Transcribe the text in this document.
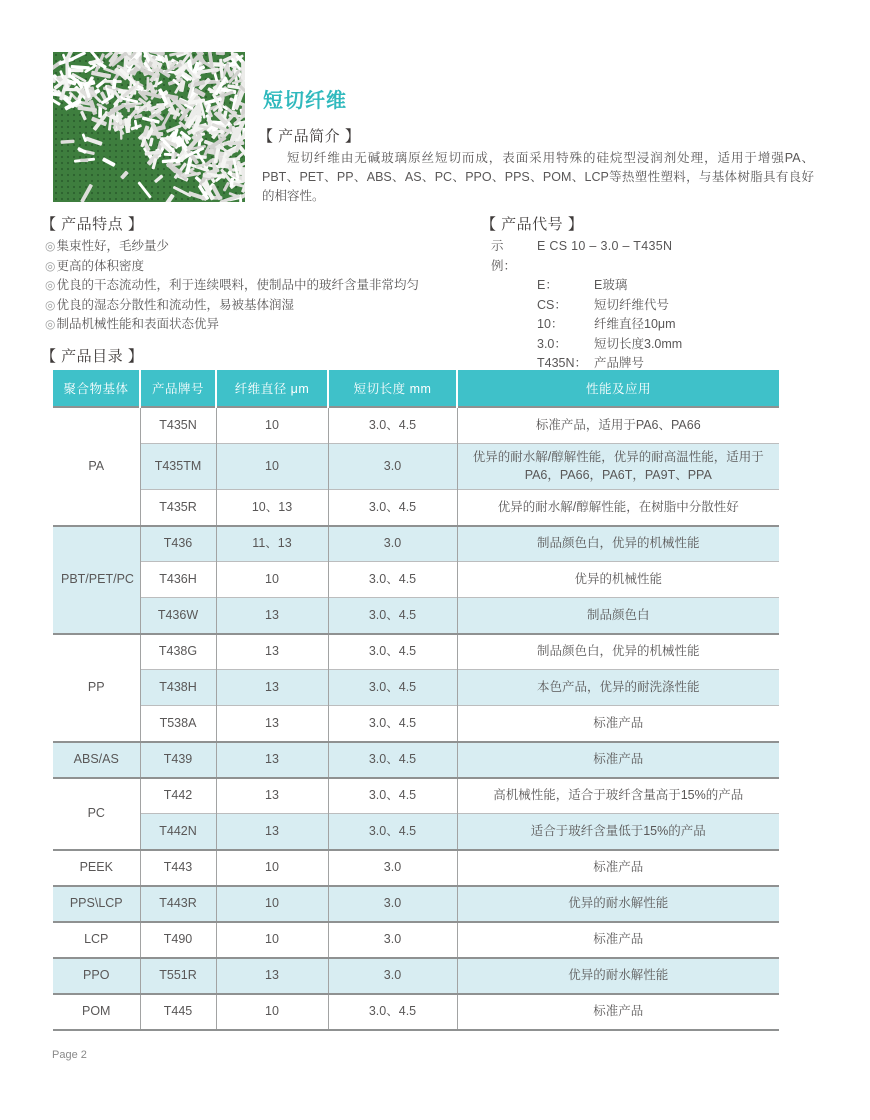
短切纤维
【 产品简介 】
短切纤维由无碱玻璃原丝短切而成，表面采用特殊的硅烷型浸润剂处理，适用于增强PA、PBT、PET、PP、ABS、AS、PC、PPO、PPS、POM、LCP等热塑性塑料，与基体树脂具有良好的相容性。
【 产品特点 】
◎集束性好，毛纱量少
◎更高的体积密度
◎优良的干态流动性，利于连续喂料，使制品中的玻纤含量非常均匀
◎优良的湿态分散性和流动性，易被基体润湿
◎制品机械性能和表面状态优异
【 产品代号 】
示例：
E CS 10 – 3.0 – T435N
E：	E玻璃
CS：	短切纤维代号
10：	纤维直径10μm
3.0：	短切长度3.0mm
T435N： 产品牌号
【 产品目录 】
聚合物基体	产品牌号	纤维直径 μm	短切长度 mm	性能及应用
PA	T435N	10	3.0、4.5	标准产品，适用于PA6、PA66
	T435TM	10	3.0	优异的耐水解/醇解性能，优异的耐高温性能，适用于PA6，PA66，PA6T，PA9T、PPA
	T435R	10、13	3.0、4.5	优异的耐水解/醇解性能，在树脂中分散性好
PBT/PET/PC	T436	11、13	3.0	制品颜色白，优异的机械性能
	T436H	10	3.0、4.5	优异的机械性能
	T436W	13	3.0、4.5	制品颜色白
PP	T438G	13	3.0、4.5	制品颜色白，优异的机械性能
	T438H	13	3.0、4.5	本色产品，优异的耐洗涤性能
	T538A	13	3.0、4.5	标准产品
ABS/AS	T439	13	3.0、4.5	标准产品
PC	T442	13	3.0、4.5	高机械性能，适合于玻纤含量高于15%的产品
	T442N	13	3.0、4.5	适合于玻纤含量低于15%的产品
PEEK	T443	10	3.0	标准产品
PPS\LCP	T443R	10	3.0	优异的耐水解性能
LCP	T490	10	3.0	标准产品
PPO	T551R	13	3.0	优异的耐水解性能
POM	T445	10	3.0、4.5	标准产品
Page 2
